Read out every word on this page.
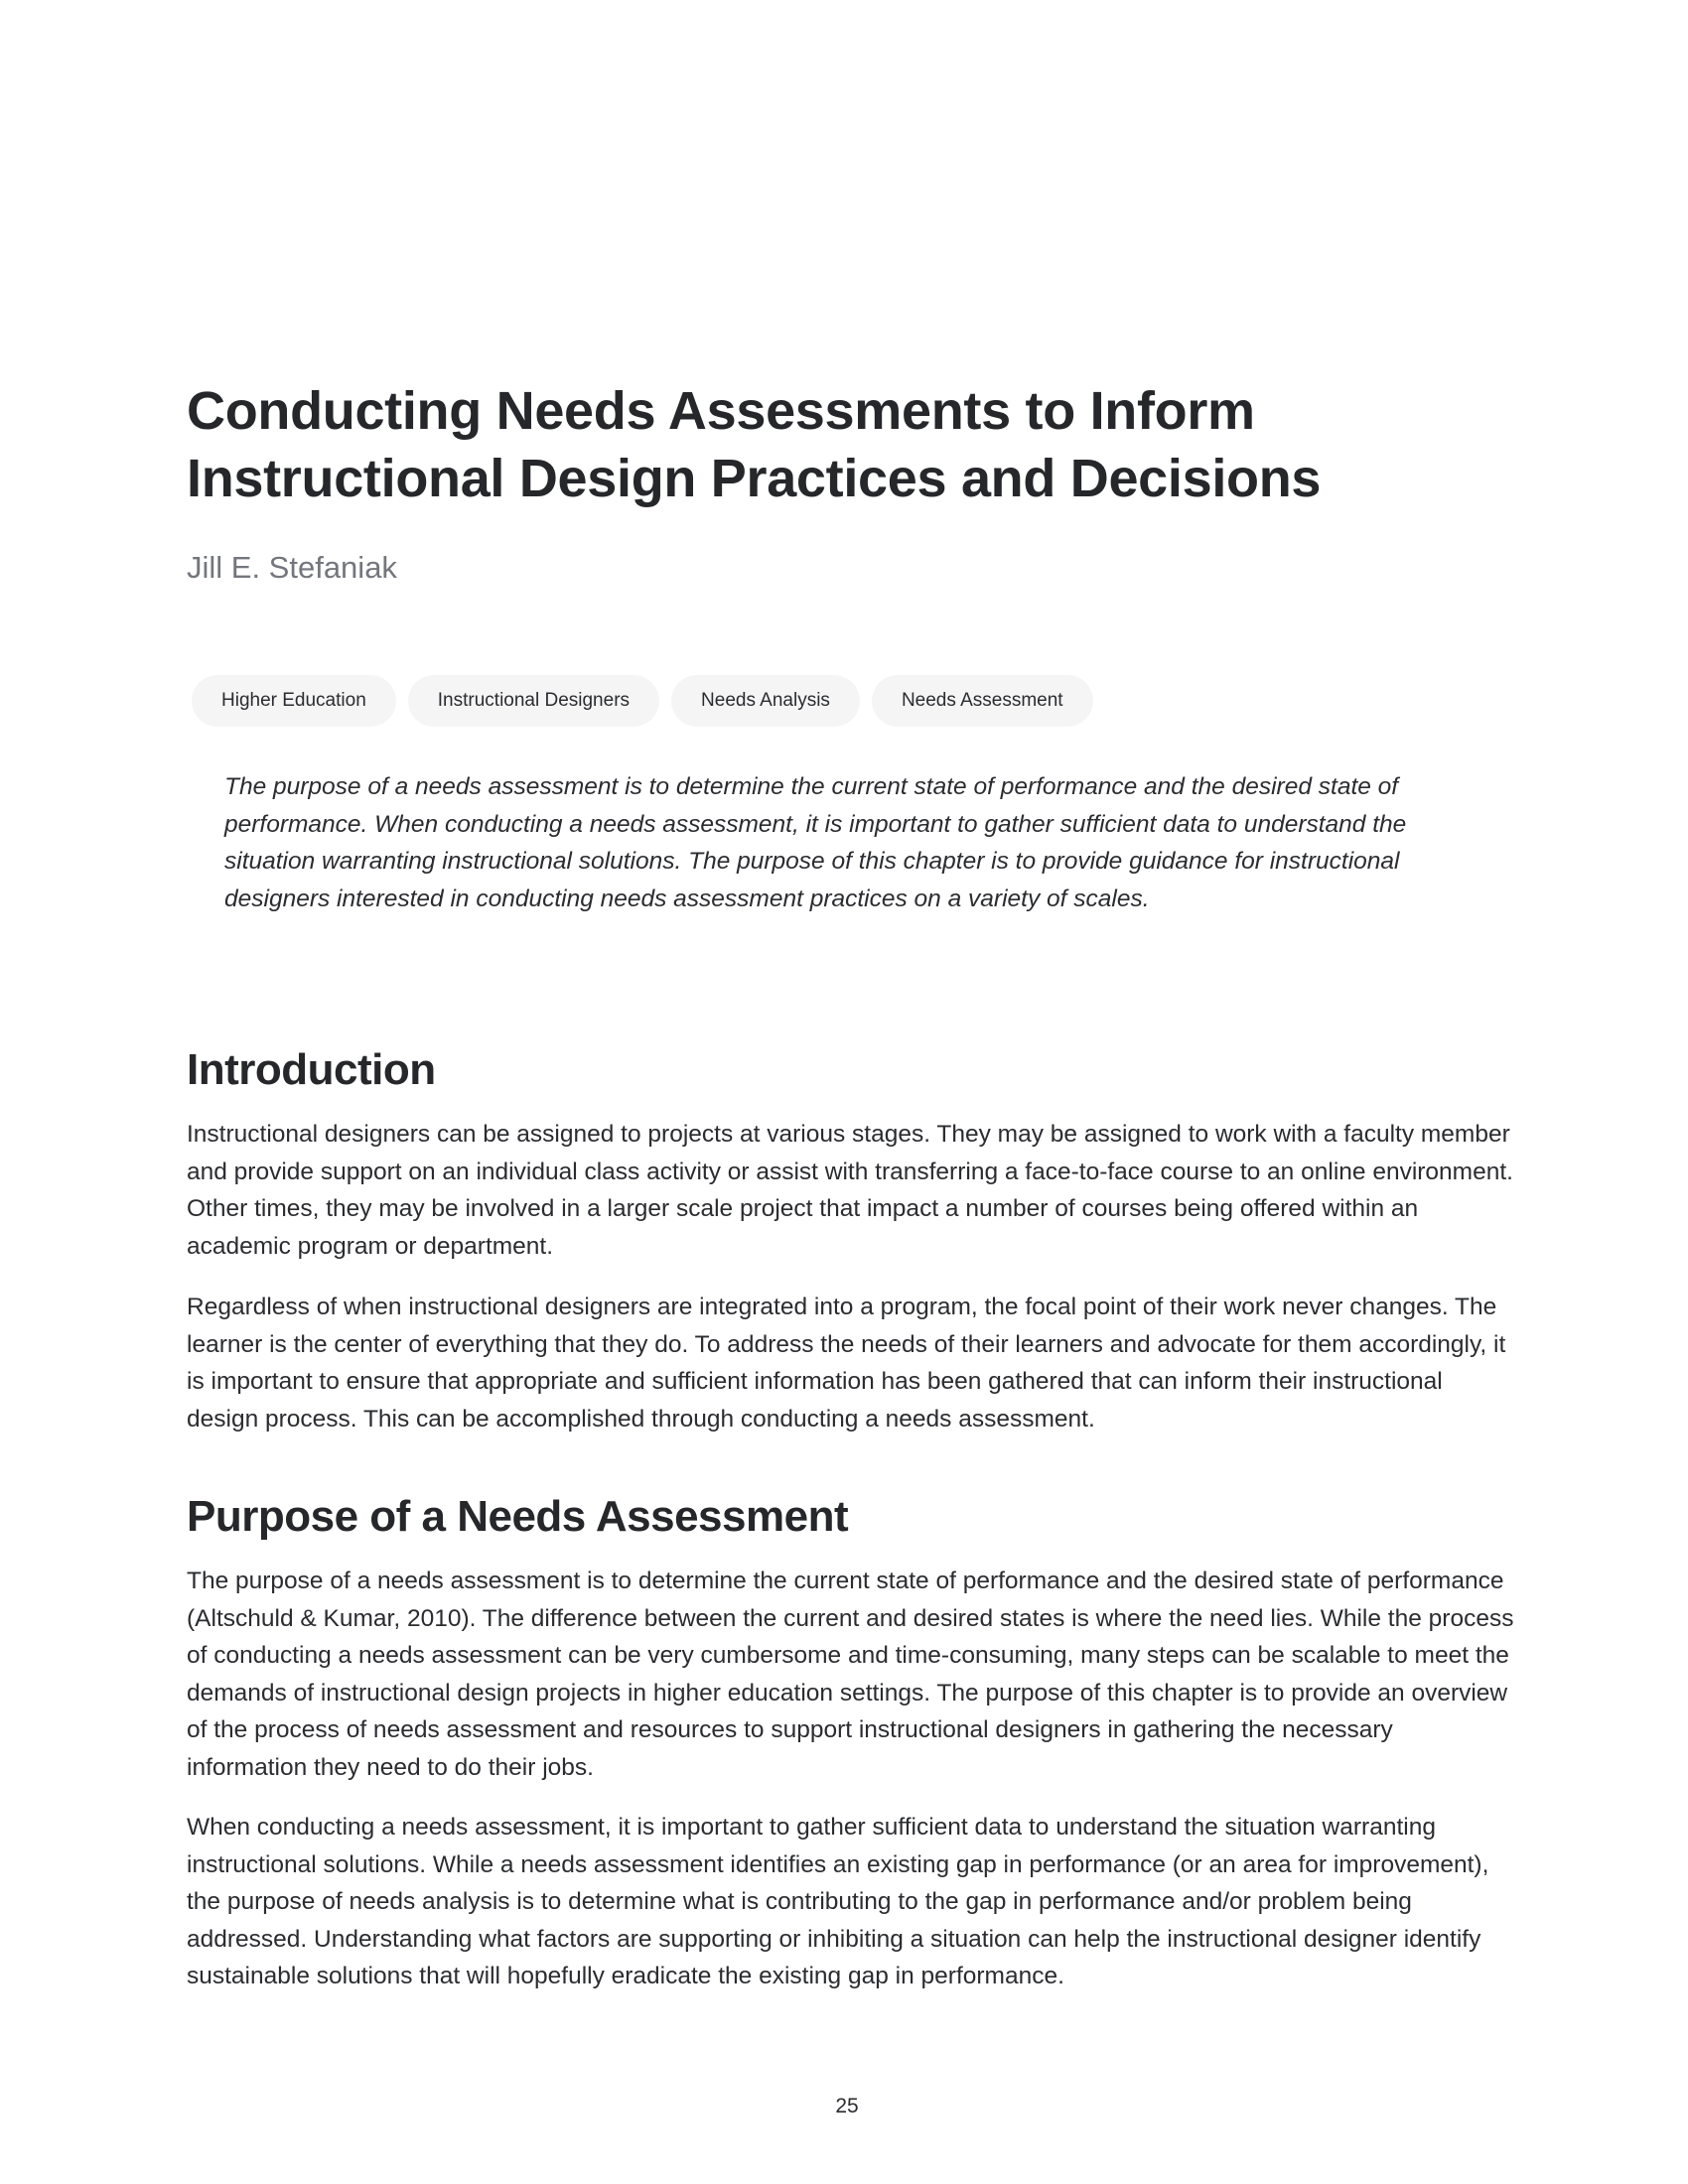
Conducting Needs Assessments to Inform
Instructional Design Practices and Decisions

Jill E. Stefaniak

Higher Education	Instructional Designers	Needs Analysis	Needs Assessment

The purpose of a needs assessment is to determine the current state of performance and the desired state of performance. When conducting a needs assessment, it is important to gather sufficient data to understand the situation warranting instructional solutions. The purpose of this chapter is to provide guidance for instructional designers interested in conducting needs assessment practices on a variety of scales.

Introduction

Instructional designers can be assigned to projects at various stages. They may be assigned to work with a faculty member and provide support on an individual class activity or assist with transferring a face-to-face course to an online environment. Other times, they may be involved in a larger scale project that impact a number of courses being offered within an academic program or department.

Regardless of when instructional designers are integrated into a program, the focal point of their work never changes. The learner is the center of everything that they do. To address the needs of their learners and advocate for them accordingly, it is important to ensure that appropriate and sufficient information has been gathered that can inform their instructional design process. This can be accomplished through conducting a needs assessment.

Purpose of a Needs Assessment

The purpose of a needs assessment is to determine the current state of performance and the desired state of performance (Altschuld & Kumar, 2010). The difference between the current and desired states is where the need lies. While the process of conducting a needs assessment can be very cumbersome and time-consuming, many steps can be scalable to meet the demands of instructional design projects in higher education settings. The purpose of this chapter is to provide an overview of the process of needs assessment and resources to support instructional designers in gathering the necessary information they need to do their jobs.

When conducting a needs assessment, it is important to gather sufficient data to understand the situation warranting instructional solutions. While a needs assessment identifies an existing gap in performance (or an area for improvement), the purpose of needs analysis is to determine what is contributing to the gap in performance and/or problem being addressed. Understanding what factors are supporting or inhibiting a situation can help the instructional designer identify sustainable solutions that will hopefully eradicate the existing gap in performance.

25
